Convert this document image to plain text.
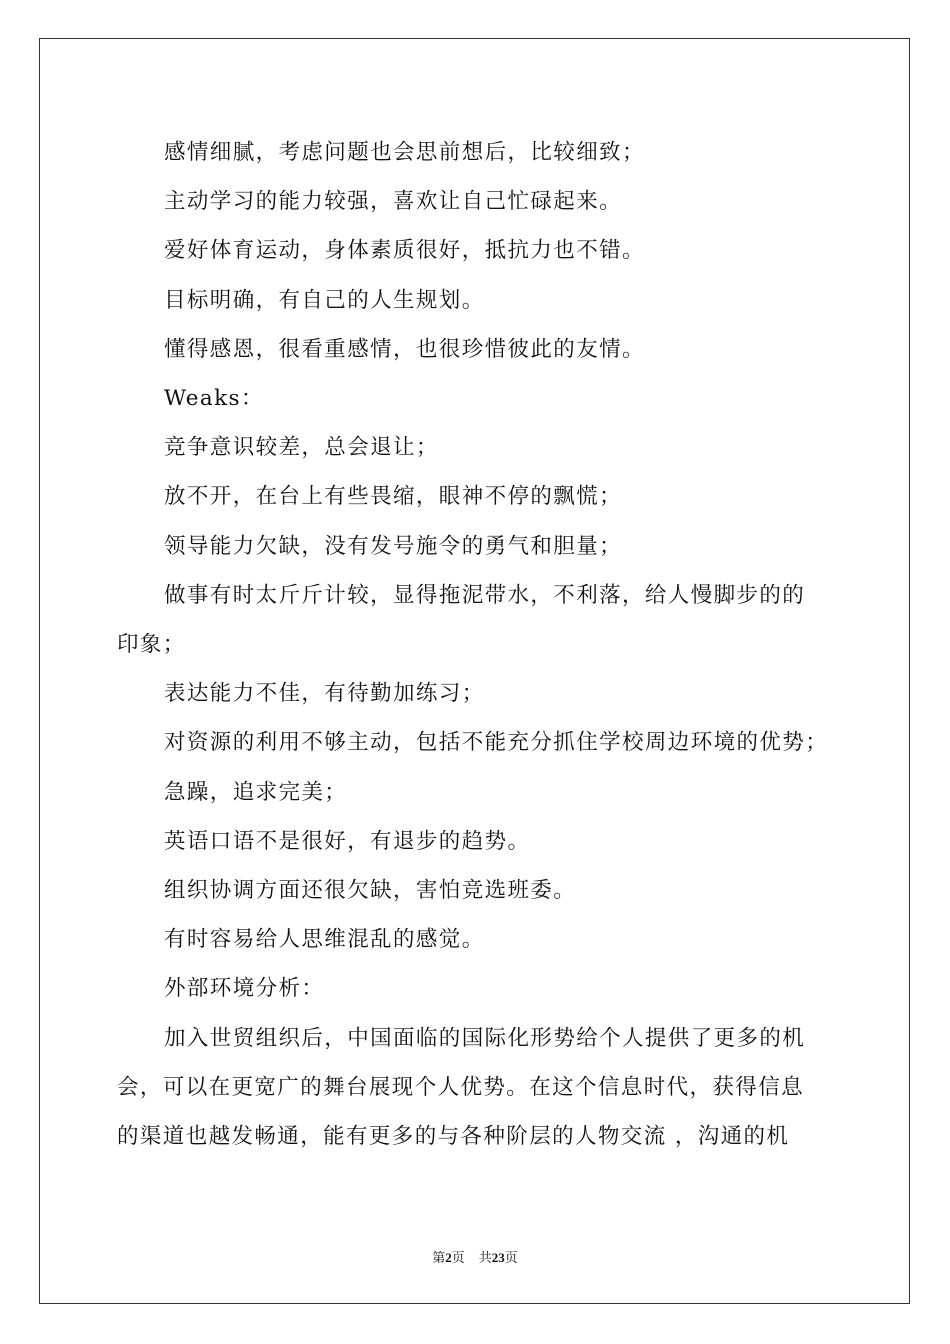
感情细腻，考虑问题也会思前想后，比较细致；

主动学习的能力较强，喜欢让自己忙碌起来。

爱好体育运动，身体素质很好，抵抗力也不错。

目标明确，有自己的人生规划。

懂得感恩，很看重感情，也很珍惜彼此的友情。

Weaks：

竞争意识较差，总会退让；

放不开，在台上有些畏缩，眼神不停的飘慌；

领导能力欠缺，没有发号施令的勇气和胆量；

做事有时太斤斤计较，显得拖泥带水，不利落，给人慢脚步的的

印象；

表达能力不佳，有待勤加练习；

对资源的利用不够主动，包括不能充分抓住学校周边环境的优势；

急躁，追求完美；

英语口语不是很好，有退步的趋势。

组织协调方面还很欠缺，害怕竞选班委。

有时容易给人思维混乱的感觉。

外部环境分析：

加入世贸组织后，中国面临的国际化形势给个人提供了更多的机

会，可以在更宽广的舞台展现个人优势。在这个信息时代，获得信息

的渠道也越发畅通，能有更多的与各种阶层的人物交流 ，沟通的机

第2页 共23页
